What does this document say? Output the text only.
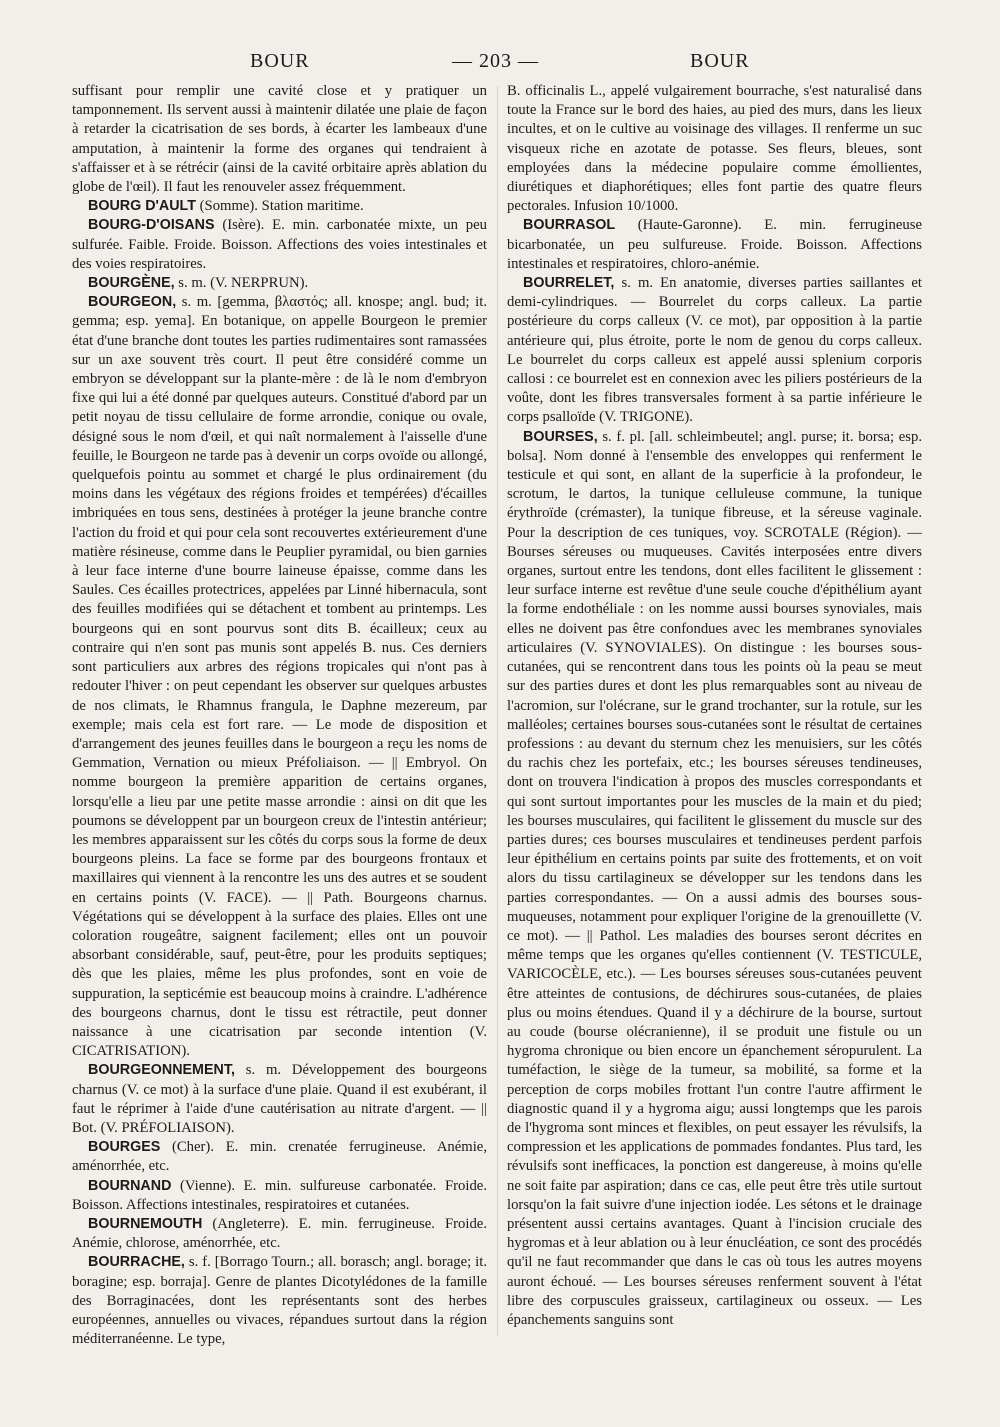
BOUR	— 203 —	BOUR

suffisant pour remplir une cavité close et y pratiquer un tamponnement. Ils servent aussi à maintenir dilatée une plaie de façon à retarder la cicatrisation de ses bords, à écarter les lambeaux d'une amputation, à maintenir la forme des organes qui tendraient à s'affaisser et à se rétrécir (ainsi de la cavité orbitaire après ablation du globe de l'œil). Il faut les renouveler assez fréquemment.

BOURG D'AULT (Somme). Station maritime.

BOURG-D'OISANS (Isère). E. min. carbonatée mixte, un peu sulfurée. Faible. Froide. Boisson. Affections des voies intestinales et des voies respiratoires.

BOURGÈNE, s. m. (V. NERPRUN).

BOURGEON, s. m. [gemma, βλαστός; all. knospe; angl. bud; it. gemma; esp. yema]. En botanique, on appelle Bourgeon le premier état d'une branche dont toutes les parties rudimentaires sont ramassées sur un axe souvent très court. Il peut être considéré comme un embryon se développant sur la plante-mère : de là le nom d'embryon fixe qui lui a été donné par quelques auteurs. Constitué d'abord par un petit noyau de tissu cellulaire de forme arrondie, conique ou ovale, désigné sous le nom d'œil, et qui naît normalement à l'aisselle d'une feuille, le Bourgeon ne tarde pas à devenir un corps ovoïde ou allongé, quelquefois pointu au sommet et chargé le plus ordinairement (du moins dans les végétaux des régions froides et tempérées) d'écailles imbriquées en tous sens, destinées à protéger la jeune branche contre l'action du froid et qui pour cela sont recouvertes extérieurement d'une matière résineuse, comme dans le Peuplier pyramidal, ou bien garnies à leur face interne d'une bourre laineuse épaisse, comme dans les Saules. Ces écailles protectrices, appelées par Linné hibernacula, sont des feuilles modifiées qui se détachent et tombent au printemps. Les bourgeons qui en sont pourvus sont dits B. écailleux; ceux au contraire qui n'en sont pas munis sont appelés B. nus. Ces derniers sont particuliers aux arbres des régions tropicales qui n'ont pas à redouter l'hiver : on peut cependant les observer sur quelques arbustes de nos climats, le Rhamnus frangula, le Daphne mezereum, par exemple; mais cela est fort rare. — Le mode de disposition et d'arrangement des jeunes feuilles dans le bourgeon a reçu les noms de Gemmation, Vernation ou mieux Préfoliaison. — || Embryol. On nomme bourgeon la première apparition de certains organes, lorsqu'elle a lieu par une petite masse arrondie : ainsi on dit que les poumons se développent par un bourgeon creux de l'intestin antérieur; les membres apparaissent sur les côtés du corps sous la forme de deux bourgeons pleins. La face se forme par des bourgeons frontaux et maxillaires qui viennent à la rencontre les uns des autres et se soudent en certains points (V. FACE). — || Path. Bourgeons charnus. Végétations qui se développent à la surface des plaies. Elles ont une coloration rougeâtre, saignent facilement; elles ont un pouvoir absorbant considérable, sauf, peut-être, pour les produits septiques; dès que les plaies, même les plus profondes, sont en voie de suppuration, la septicémie est beaucoup moins à craindre. L'adhérence des bourgeons charnus, dont le tissu est rétractile, peut donner naissance à une cicatrisation par seconde intention (V. CICATRISATION).

BOURGEONNEMENT, s. m. Développement des bourgeons charnus (V. ce mot) à la surface d'une plaie. Quand il est exubérant, il faut le réprimer à l'aide d'une cautérisation au nitrate d'argent. — || Bot. (V. PRÉFOLIAISON).

BOURGES (Cher). E. min. crenatée ferrugineuse. Anémie, aménorrhée, etc.

BOURNAND (Vienne). E. min. sulfureuse carbonatée. Froide. Boisson. Affections intestinales, respiratoires et cutanées.

BOURNEMOUTH (Angleterre). E. min. ferrugineuse. Froide. Anémie, chlorose, aménorrhée, etc.

BOURRACHE, s. f. [Borrago Tourn.; all. borasch; angl. borage; it. boragine; esp. borraja]. Genre de plantes Dicotylédones de la famille des Borraginacées, dont les représentants sont des herbes européennes, annuelles ou vivaces, répandues surtout dans la région méditerranéenne. Le type,

B. officinalis L., appelé vulgairement bourrache, s'est naturalisé dans toute la France sur le bord des haies, au pied des murs, dans les lieux incultes, et on le cultive au voisinage des villages. Il renferme un suc visqueux riche en azotate de potasse. Ses fleurs, bleues, sont employées dans la médecine populaire comme émollientes, diurétiques et diaphorétiques; elles font partie des quatre fleurs pectorales. Infusion 10/1000.

BOURRASOL (Haute-Garonne). E. min. ferrugineuse bicarbonatée, un peu sulfureuse. Froide. Boisson. Affections intestinales et respiratoires, chloro-anémie.

BOURRELET, s. m. En anatomie, diverses parties saillantes et demi-cylindriques. — Bourrelet du corps calleux. La partie postérieure du corps calleux (V. ce mot), par opposition à la partie antérieure qui, plus étroite, porte le nom de genou du corps calleux. Le bourrelet du corps calleux est appelé aussi splenium corporis callosi : ce bourrelet est en connexion avec les piliers postérieurs de la voûte, dont les fibres transversales forment à sa partie inférieure le corps psalloïde (V. TRIGONE).

BOURSES, s. f. pl. [all. schleimbeutel; angl. purse; it. borsa; esp. bolsa]. Nom donné à l'ensemble des enveloppes qui renferment le testicule et qui sont, en allant de la superficie à la profondeur, le scrotum, le dartos, la tunique celluleuse commune, la tunique érythroïde (crémaster), la tunique fibreuse, et la séreuse vaginale. Pour la description de ces tuniques, voy. SCROTALE (Région). — Bourses séreuses ou muqueuses. Cavités interposées entre divers organes, surtout entre les tendons, dont elles facilitent le glissement : leur surface interne est revêtue d'une seule couche d'épithélium ayant la forme endothéliale : on les nomme aussi bourses synoviales, mais elles ne doivent pas être confondues avec les membranes synoviales articulaires (V. SYNOVIALES). On distingue : les bourses sous-cutanées, qui se rencontrent dans tous les points où la peau se meut sur des parties dures et dont les plus remarquables sont au niveau de l'acromion, sur l'olécrane, sur le grand trochanter, sur la rotule, sur les malléoles; certaines bourses sous-cutanées sont le résultat de certaines professions : au devant du sternum chez les menuisiers, sur les côtés du rachis chez les portefaix, etc.; les bourses séreuses tendineuses, dont on trouvera l'indication à propos des muscles correspondants et qui sont surtout importantes pour les muscles de la main et du pied; les bourses musculaires, qui facilitent le glissement du muscle sur des parties dures; ces bourses musculaires et tendineuses perdent parfois leur épithélium en certains points par suite des frottements, et on voit alors du tissu cartilagineux se développer sur les tendons dans les parties correspondantes. — On a aussi admis des bourses sous-muqueuses, notamment pour expliquer l'origine de la grenouillette (V. ce mot). — || Pathol. Les maladies des bourses seront décrites en même temps que les organes qu'elles contiennent (V. TESTICULE, VARICOCÈLE, etc.). — Les bourses séreuses sous-cutanées peuvent être atteintes de contusions, de déchirures sous-cutanées, de plaies plus ou moins étendues. Quand il y a déchirure de la bourse, surtout au coude (bourse olécranienne), il se produit une fistule ou un hygroma chronique ou bien encore un épanchement séropurulent. La tuméfaction, le siège de la tumeur, sa mobilité, sa forme et la perception de corps mobiles frottant l'un contre l'autre affirment le diagnostic quand il y a hygroma aigu; aussi longtemps que les parois de l'hygroma sont minces et flexibles, on peut essayer les révulsifs, la compression et les applications de pommades fondantes. Plus tard, les révulsifs sont inefficaces, la ponction est dangereuse, à moins qu'elle ne soit faite par aspiration; dans ce cas, elle peut être très utile surtout lorsqu'on la fait suivre d'une injection iodée. Les sétons et le drainage présentent aussi certains avantages. Quant à l'incision cruciale des hygromas et à leur ablation ou à leur énucléation, ce sont des procédés qu'il ne faut recommander que dans le cas où tous les autres moyens auront échoué. — Les bourses séreuses renferment souvent à l'état libre des corpuscules graisseux, cartilagineux ou osseux. — Les épanchements sanguins sont
